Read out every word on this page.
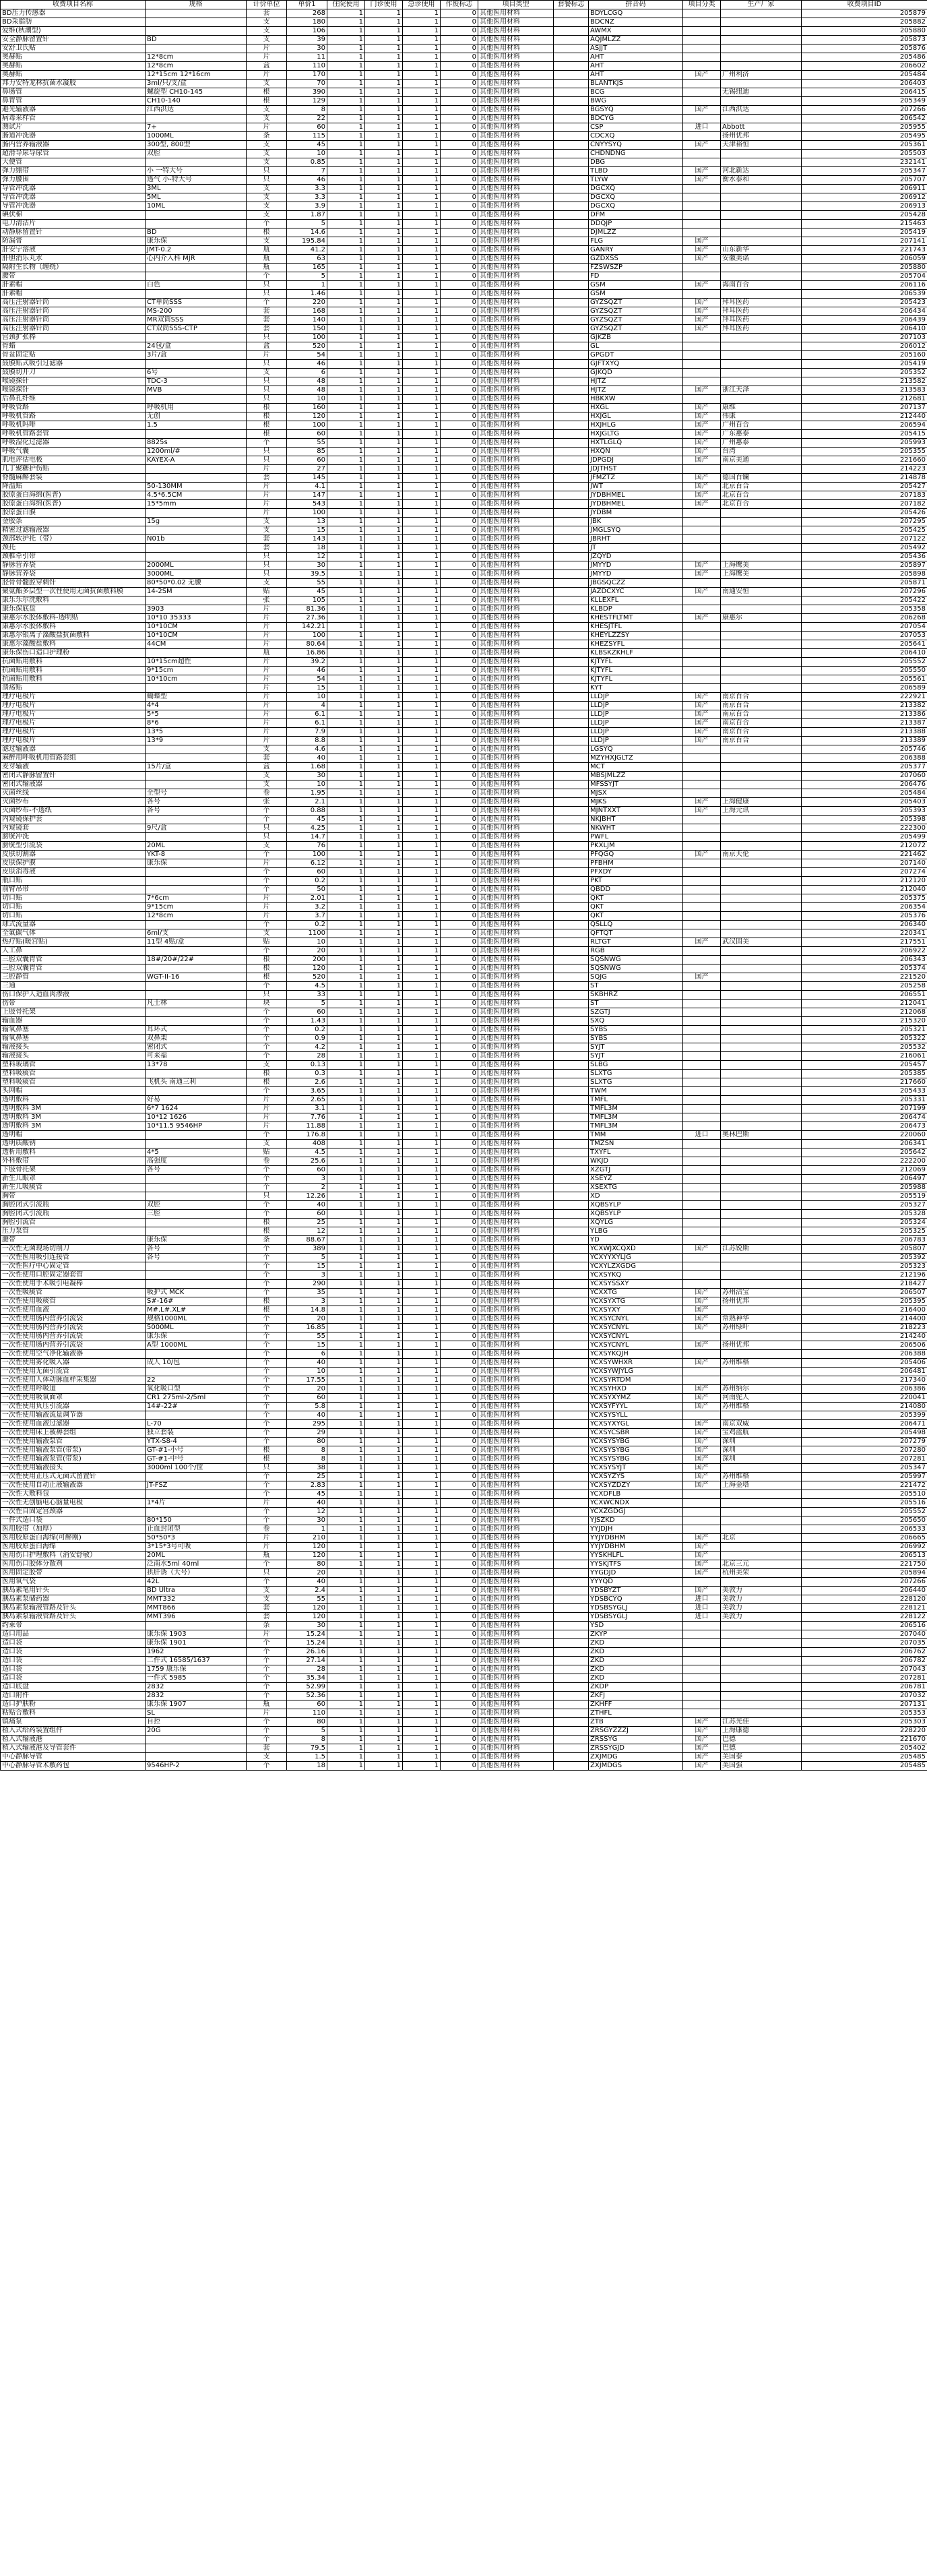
收费项目名称	规格	计价单位	单价1	住院使用	门诊使用	急诊使用	作废标志	项目类型	套餐标志	拼音码	项目分类	生产厂家	收费项目ID
BD压力传感器		套	268	1	1	1	0	其他医用材料		BDYLCGQ			205879
BD采脂肪		支	180	1	1	1	0	其他医用材料		BDCNZ			205882
爱维(秋潮型)		支	106	1	1	1	0	其他医用材料		AWMX			205880
安全静脉留置针	BD	支	39	1	1	1	0	其他医用材料		AQJMLZZ			205873
安舒卫氏贴		片	30	1	1	1	0	其他医用材料		ASJJT			205876
奥赫贴	12*8cm	片	11	1	1	1	0	其他医用材料		AHT			205486
奥赫贴	12*8cm	盒	110	1	1	1	0	其他医用材料		AHT			206602
奥赫贴	12*15cm 12*16cm	片	170	1	1	1	0	其他医用材料		AHT	国产	广州利济	205484
邦力安特龙林抗菌水凝胶	3ml/只/支/盒	支	70	1	1	1	0	其他医用材料		BLANTKJS			206403
鼻肠管	螺旋型 CH10-145	根	390	1	1	1	0	其他医用材料		BCG		无锡纽迪	206415
鼻胃管	CH10-140	根	129	1	1	1	0	其他医用材料		BWG			205349
避光输液器	江西洪达	支	8	1	1	1	0	其他医用材料		BGSYQ	国产	江西洪达	207266
病毒采样管		支	22	1	1	1	0	其他医用材料		BDCYG			206542
测试片	7+	片	60	1	1	1	0	其他医用材料		CSP	进口	Abbott	205955
肠道冲洗器	1000ML	条	115	1	1	1	0	其他医用材料		CDCXQ		扬州优邦	205495
肠内营养输液器	300型, 800型	支	45	1	1	1	0	其他医用材料		CNYYSYQ	国产	天津裕恒	205361
超滑导尿导尿管	双腔	支	10	1	1	1	0	其他医用材料		CHDNDNG			205503
大便管		支	0.85	1	1	1	0	其他医用材料		DBG			232141
弹力绷带	小 一特大号	只	7	1	1	1	0	其他医用材料		TLBD	国产	河北新达	205347
弹力腰围	透气 小-特大号	只	46	1	1	1	0	其他医用材料		TLYW	国产	衡水泰和	205707
导管冲洗器	3ML	支	3.3	1	1	1	0	其他医用材料		DGCXQ			206911
导管冲洗器	5ML	支	3.3	1	1	1	0	其他医用材料		DGCXQ			206912
导管冲洗器	10ML	支	3.9	1	1	1	0	其他医用材料		DGCXQ			206913
碘伏棉		支	1.87	1	1	1	0	其他医用材料		DFM			205428
电刀清洁片		个	5	1	1	1	0	其他医用材料		DDQJP			215463
动静脉留置针	BD	根	14.6	1	1	1	0	其他医用材料		DJMLZZ			205419
防漏膏	康乐保	支	195.84	1	1	1	0	其他医用材料		FLG	国产		207141
肝安宁溶液	JMT-0.2	瓶	41.2	1	1	1	0	其他医用材料		GANRY	国产	山东新华	221743
肝胆消乐丸水	心内介入科 MJR	瓶	63	1	1	1	0	其他医用材料		GZDXSS	国产	安徽美诺	206059
隔附生长物（缠绕）		瓶	165	1	1	1	0	其他医用材料		FZSWSZP			205880
腰带		个	5	1	1	1	0	其他医用材料		FD			205704
肝素帽	白色	只	1	1	1	1	0	其他医用材料		GSM	国产	海南百合	206116
肝素帽		只	1.46	1	1	1	0	其他医用材料		GSM			206539
高压注射器针筒	CT单筒SSS	个	220	1	1	1	0	其他医用材料		GYZSQZT	国产	拜耳医药	205423
高压注射器针筒	MS-200	套	168	1	1	1	0	其他医用材料		GYZSQZT	国产	拜耳医药	206434
高压注射器针筒	MR双筒SSS	套	140	1	1	1	0	其他医用材料		GYZSQZT	国产	拜耳医药	206439
高压注射器针筒	CT双筒SSS-CTP	套	150	1	1	1	0	其他医用材料		GYZSQZT	国产	拜耳医药	206410
宫颈扩张棒		只	100	1	1	1	0	其他医用材料		GJKZB			207103
骨蜡	24包/盒	盒	520	1	1	1	0	其他医用材料		GL			206012
骨盆固定贴	3片/盒	片	54	1	1	1	0	其他医用材料		GPGDT			205160
鼓膜贴式吸引过滤器		只	46	1	1	1	0	其他医用材料		GJFTXYQ			205419
鼓膜切开刀	6号	支	6	1	1	1	0	其他医用材料		GJKQD			205352
喉镜探针	TDC-3	只	48	1	1	1	0	其他医用材料		HJTZ			213582
喉镜探针	MVB	只	48	1	1	1	0	其他医用材料		HJTZ	国产	浙江天泽	213583
后鼻孔纤维		只	10	1	1	1	0	其他医用材料		HBKXW			212681
呼吸管路	呼吸机用	根	160	1	1	1	0	其他医用材料		HXGL	国产	康维	207137
呼吸机管路	无创	根	120	1	1	1	0	其他医用材料		HXJGL	国产	伟康	212440
呼吸机吗啡	1.5	根	100	1	1	1	0	其他医用材料		HXJHLG	国产	广州百合	206594
呼吸机管路套管		根	60	1	1	1	0	其他医用材料		HXJGLTG	国产	广东惠泰	205415
呼吸湿化过滤器	8825s	个	55	1	1	1	0	其他医用材料		HXTLGLQ	国产	广州惠泰	205993
呼吸气囊	1200ml/#	只	85	1	1	1	0	其他医用材料		HXQN	国产	台湾	205355
肌电评估电极	KAYEX-A	只	60	1	1	1	0	其他医用材料		JDPGDJ	国产	南京美通	221660
几丁聚糖护伤贴		片	27	1	1	1	0	其他医用材料		JDJTHST			214223
脊髓麻醉套装		套	145	1	1	1	0	其他医用材料		JFMZTZ	国产	德国百镧	214878
降温贴	50-130MM	片	4.1	1	1	1	0	其他医用材料		JWT	国产	北京百合	205427
胶原蛋白海绵(医普)	4.5*6.5CM	片	147	1	1	1	0	其他医用材料		JYDBHMEL	国产	北京百合	207183
胶原蛋白海绵(医普)	15*5mm	片	543	1	1	1	0	其他医用材料		JYDBHMEL	国产	北京百合	207182
胶原蛋白膜		片	100	1	1	1	0	其他医用材料		JYDBM			205426
金胶条	15g	支	13	1	1	1	0	其他医用材料		JBK			207295
精密过滤输液器		支	15	1	1	1	0	其他医用材料		JMGLSYQ			205425
颈部软护托（带）	N01b	套	143	1	1	1	0	其他医用材料		JBRHT			207122
颈托		套	18	1	1	1	0	其他医用材料		JT			205492
颈椎牵引带		只	12	1	1	1	0	其他医用材料		JZQYD			205436
静脉营养袋	2000ML	只	30	1	1	1	0	其他医用材料		JMYYD	国产	上海鹰美	205897
静脉营养袋	3000ML	只	39.5	1	1	1	0	其他医用材料		JMYYD	国产	上海鹰美	205898
胫骨骨髓腔穿刺针	80*50*0.02 无腰	支	55	1	1	1	0	其他医用材料		JBGSQCZZ			205871
聚氨酯多层型一次性使用无菌抗菌敷料膜	14-2SM	贴	45	1	1	1	0	其他医用材料		JAZDCXYC	国产	南通安恒	207296
康乐乐尔洗敷料		张	105	1	1	1	0	其他医用材料		KLLEXFL			205422
康乐保底盘	3903	片	81.36	1	1	1	0	其他医用材料		KLBDP			205358
康惠尔水胶体敷料-透明贴	10*10 35333	片	27.36	1	1	1	0	其他医用材料		KHESTFLTMT	国产	康惠尔	206268
康惠尔水胶体敷料	10*10CM	片	142.21	1	1	1	0	其他医用材料		KHESJTFL			207054
康惠尔银离子藻酸盐抗菌敷料	10*10CM	片	100	1	1	1	0	其他医用材料		KHEYLZZSY			207053
康惠尔藻酸盐敷料	44CM	片	80.64	1	1	1	0	其他医用材料		KHEZSYFL			205641
康乐保伤口造口护理粉		瓶	16.86	1	1	1	0	其他医用材料		KLBSKZKHLF			206410
抗菌贴用敷料	10*15cm超性	片	39.2	1	1	1	0	其他医用材料		KJTYFL			205552
抗菌贴用敷料	9*15cm	片	46	1	1	1	0	其他医用材料		KJTYFL			205550
抗菌贴用敷料	10*10cm	片	54	1	1	1	0	其他医用材料		KJTYFL			205561
溃疡贴		片	15	1	1	1	0	其他医用材料		KYT			206589
理疗电极片	蝴蝶型	片	10	1	1	1	0	其他医用材料		LLDJP	国产	南京百合	222921
理疗电极片	4*4	片	4	1	1	1	0	其他医用材料		LLDJP	国产	南京百合	213382
理疗电极片	5*5	片	6.1	1	1	1	0	其他医用材料		LLDJP	国产	南京百合	213386
理疗电极片	8*6	片	6.1	1	1	1	0	其他医用材料		LLDJP	国产	南京百合	213387
理疗电极片	13*5	片	7.9	1	1	1	0	其他医用材料		LLDJP	国产	南京百合	213388
理疗电极片	13*9	片	8.8	1	1	1	0	其他医用材料		LLDJP	国产	南京百合	213389
滤过输液器		支	4.6	1	1	1	0	其他医用材料		LGSYQ			205746
麻醉用呼吸机用管路套组		套	40	1	1	1	0	其他医用材料		MZYHXJGLTZ			206388
麦芽输液	15片/盒	盒	1.68	1	1	1	0	其他医用材料		MCT			205377
密闭式静脉留置针		支	30	1	1	1	0	其他医用材料		MBSJMLZZ			207060
密闭式输液器		支	10	1	1	1	0	其他医用材料		MFSSYJT			206476
灭菌丝线	全型号	卷	1.95	1	1	1	0	其他医用材料		MJSX			205484
灭菌纱布	各号	张	2.1	1	1	1	0	其他医用材料		MJKS	国产	上海健康	205403
灭菌纱布-不透纸	各号	个	0.88	1	1	1	0	其他医用材料		MJNTXXT	国产	上海元讯	205393
内窥镜保护套		个	45	1	1	1	0	其他医用材料		NKJBHT			205398
内窥镜套	9尺/盒	只	4.25	1	1	1	0	其他医用材料		NKWHT			222300
膀胱冲洗		只	14.7	1	1	1	0	其他医用材料		PWFL			205499
膀胱型引流袋	20ML	支	76	1	1	1	0	其他医用材料		PKXLJM			212072
皮肤切割器	YKT-8	个	100	1	1	1	0	其他医用材料		PFQGQ	国产	南京天伦	221462
皮肤保护膜	康乐保	片	6.12	1	1	1	0	其他医用材料		PFBHM			207140
皮肤消毒液		个	60	1	1	1	0	其他医用材料		PFXDY			207274
瓶口贴		个	0.2	1	1	1	0	其他医用材料		PKT			212120
前臂吊带		个	50	1	1	1	0	其他医用材料		QBDD			212040
切口贴	7*6cm	片	2.01	1	1	1	0	其他医用材料		QKT			205375
切口贴	9*15cm	片	3.2	1	1	1	0	其他医用材料		QKT			206354
切口贴	12*8cm	片	3.7	1	1	1	0	其他医用材料		QKT			205376
球式流量器		个	0.2	1	1	1	0	其他医用材料		QSLLQ			206340
全氟碳气体	6ml/支	支	1100	1	1	1	0	其他医用材料		QFTQT			220341
热疗贴(暖宫贴)	11型 4贴/盒	贴	10	1	1	1	0	其他医用材料		RLTGT	国产	武汉固美	217551
人工鼻		个	20	1	1	1	0	其他医用材料		RGB			206922
三腔双囊胃管	18#/20#/22#	根	200	1	1	1	0	其他医用材料		SQSNWG			206343
三腔双囊胃管		根	120	1	1	1	0	其他医用材料		SQSNWG			205374
三腔静管	WGT-II-16	根	520	1	1	1	0	其他医用材料		SQJG	国产		221520
三通		个	4.5	1	1	1	0	其他医用材料		ST			205258
伤口保护人造血肉渗液		只	33	1	1	1	0	其他医用材料		SKBHRZ			206551
伤带	凡士林	块	5	1	1	1	0	其他医用材料		ST			212041
上肢骨托架		个	60	1	1	1	0	其他医用材料		SZGTJ			212068
输血器		个	1.43	1	1	1	0	其他医用材料		SXQ			215320
输氧鼻塞	耳环式	个	0.2	1	1	1	0	其他医用材料		SYBS			205321
输氧鼻塞	双鼻架	个	0.9	1	1	1	0	其他医用材料		SYBS			205322
输液接头	密闭式	个	4.2	1	1	1	0	其他医用材料		SYJT			205532
输液接头	可来福	个	28	1	1	1	0	其他医用材料		SYJT			216061
塑料玻璃管	13*78	支	0.13	1	1	1	0	其他医用材料		SLBG			205457
塑料吸痰管		根	0.3	1	1	1	0	其他医用材料		SLXTG			205385
塑料吸痰管	飞机头 南通三利	根	2.6	1	1	1	0	其他医用材料		SLXTG			217660
头网帽		个	3.65	1	1	1	0	其他医用材料		TWM			205433
透明敷料	好易	片	2.65	1	1	1	0	其他医用材料		TMFL			205331
透明敷料 3M	6*7 1624	片	3.1	1	1	1	0	其他医用材料		TMFL3M			207199
透明敷料 3M	10*12 1626	片	7.76	1	1	1	0	其他医用材料		TMFL3M			206474
透明敷料 3M	10*11.5 9546HP	片	11.88	1	1	1	0	其他医用材料		TMFL3M			206473
透明帽		个	176.8	1	1	1	0	其他医用材料		TMM	进口	奥林巴斯	220060
透明质酸钠		支	408	1	1	1	0	其他医用材料		TMZSN			206341
透析用敷料	4*5	贴	4.5	1	1	1	0	其他医用材料		TXYFL			205642
外科敷带	高强度	卷	25.6	1	1	1	0	其他医用材料		WKJD			222200
下肢骨托架	各号	个	60	1	1	1	0	其他医用材料		XZGTJ			212069
新生儿眼罩		个	3	1	1	1	0	其他医用材料		XSEYZ			206497
新生儿吸痰管		个	2	1	1	1	0	其他医用材料		XSEXTG			205988
胸带		只	12.26	1	1	1	0	其他医用材料		XD			205519
胸腔闭式引流瓶	双腔	个	40	1	1	1	0	其他医用材料		XQBSYLP			205327
胸腔闭式引流瓶	三腔	个	60	1	1	1	0	其他医用材料		XQBSYLP			205328
胸腔引流管		根	25	1	1	1	0	其他医用材料		XQYLG			205324
压力泵管		根	12	1	1	1	0	其他医用材料		YLBG			205325
腰带	康乐保	条	88.67	1	1	1	0	其他医用材料		YD			206783
一次性无菌现场切削刀	各号	个	389	1	1	1	0	其他医用材料		YCXWJXCQXD	国产	江苏锐斯	205807
一次性医用吸引连接管	各号	个	5	1	1	1	0	其他医用材料		YCXYYXYLJG			205392
一次性医疗中心固定管		个	15	1	1	1	0	其他医用材料		YCXYLZXGDG			205323
一次性使用口腔固定器套管		个	3	1	1	1	0	其他医用材料		YCXSYKQ			212196
一次性使用手术吸引电凝棒		个	290	1	1	1	0	其他医用材料		YCXSYSSXY			218427
一次性吸痰管	吸护式 MCK	个	35	1	1	1	0	其他医用材料		YCXXTG	国产	苏州洁宝	206507
一次性使用吸痰管	S#-16#	根	3	1	1	1	0	其他医用材料		YCXSYXTG	国产	扬州优邦	205395
一次性使用血液	M#.L#.XL#	根	14.8	1	1	1	0	其他医用材料		YCXSYXY	国产		216400
一次性使用肠内营养引流袋	规格1000ML	个	20	1	1	1	0	其他医用材料		YCXSYCNYL	国产	常熟神华	214400
一次性使用肠内营养引流袋	5000ML	个	16.85	1	1	1	0	其他医用材料		YCXSYCNYL	国产	苏州绿叶	218223
一次性使用肠内营养引流袋	康乐保	个	55	1	1	1	0	其他医用材料		YCXSYCNYL			214240
一次性使用肠内营养引流袋	A型 1000ML	个	15	1	1	1	0	其他医用材料		YCXSYCNYL	国产	扬州优邦	206506
一次性使用空气净化输液器		个	6	1	1	1	0	其他医用材料		YCXSYKQJH			206388
一次性使用雾化吸入器	成人 10/包	个	40	1	1	1	0	其他医用材料		YCXSYWHXR	国产	苏州维格	205406
一次性使用无菌引流管		个	10	1	1	1	0	其他医用材料		YCXSYWJYLG			206481
一次性使用人体动脉血样采集器	22	个	17.55	1	1	1	0	其他医用材料		YCXSYRTDM			217340
一次性使用呼吸道	氧化吸口型	个	20	1	1	1	0	其他医用材料		YCXSYHXD	国产	苏州纳尔	206386
一次性使用吸氧面罩	CR1 275ml-2/5ml	个	60	1	1	1	0	其他医用材料		YCXSYXYMZ	国产	河南驼人	220041
一次性使用负压引流器	14#-22#	个	5.8	1	1	1	0	其他医用材料		YCXSYFYYL	国产	苏州维格	214080
一次性使用输液流量调节器		个	40	1	1	1	0	其他医用材料		YCXSYSYLL			205399
一次性使用血液过滤器	L-70	个	295	1	1	1	0	其他医用材料		YCXSYXYGL	国产	南京双威	206471
一次性使用床上被褥套组	独立套装	个	29	1	1	1	0	其他医用材料		YCXSYCSBR	国产	宝鸡蓝航	205498
一次性使用输液泵管	YTX-S8-4	个	80	1	1	1	0	其他医用材料		YCXSYSYBG	国产	深圳	207279
一次性使用输液泵管(带泵)	GT-#1-小号	根	8	1	1	1	0	其他医用材料		YCXSYSYBG	国产	深圳	207280
一次性使用输液泵管(带泵)	GT-#1-中号	根	8	1	1	1	0	其他医用材料		YCXSYSYBG	国产	深圳	207281
一次性使用输液接头	3000ml 100个/筐	只	38	1	1	1	0	其他医用材料		YCXSYSYJT	国产		205347
一次性使用正压式无菌式留置针		个	25	1	1	1	0	其他医用材料		YCXSYZYS	国产	苏州维格	205997
一次性使用自动止液输液器	JT-FSZ	个	2.83	1	1	1	0	其他医用材料		YCXSYZDZY	国产	上海金塔	221472
一次性大敷料包		个	45	1	1	1	0	其他医用材料		YCXDFLB			205510
一次性无创脑电心脑量电极	1*4片	片	40	1	1	1	0	其他医用材料		YCXWCNDX			205516
一次性自固定宫颈器		个	12	1	1	1	0	其他医用材料		YCXZGDGJ			205552
一件式造口袋	80*150	个	30	1	1	1	0	其他医用材料		YJSZKD			205650
医用胶带（加厚）	止血封闭型	卷	1	1	1	1	0	其他医用材料		YYJDJH			206533
医用胶原蛋白海绵(可醉刚)	50*50*3	片	210	1	1	1	0	其他医用材料		YYJYDBHM	国产	北京	206665
医用胶原蛋白海绵	3*15*3号可吸	片	120	1	1	1	0	其他医用材料		YYJYDBHM	国产		206992
医用伤口护理敷料（消安舒敏）	20ML	瓶	120	1	1	1	0	其他医用材料		YYSKHLFL	国产		206513
医用伤口胶体分散剂	泛南水5ml 40ml	个	80	1	1	1	0	其他医用材料		YYSKJTFS	国产	北京三元	221750
医用固定胶带	拱肝诱（大号）	只	20	1	1	1	0	其他医用材料		YYGDJD	国产	杭州美荣	205894
医用氧气袋	42L	个	40	1	1	1	0	其他医用材料		YYYQD			207266
胰岛素笔用针头	BD Ultra	支	2.4	1	1	1	0	其他医用材料		YDSBYZT	国产	美敦力	206440
胰岛素泵储药器	MMT332	支	55	1	1	1	0	其他医用材料		YDSBCYQ	进口	美敦力	228120
胰岛素泵输液管路及针头	MMT866	套	120	1	1	1	0	其他医用材料		YDSBSYGLJ	进口	美敦力	228121
胰岛素泵输液管路及针头	MMT396	套	120	1	1	1	0	其他医用材料		YDSBSYGLJ	进口	美敦力	228122
约束带		条	30	1	1	1	0	其他医用材料		YSD			206516
造口用品	康乐保 1903	片	15.24	1	1	1	0	其他医用材料		ZKYP			207040
造口袋	康乐保 1901	个	15.24	1	1	1	0	其他医用材料		ZKD			207035
造口袋	1962	个	26.16	1	1	1	0	其他医用材料		ZKD			206762
造口袋	二件式 16585/1637	个	27.14	1	1	1	0	其他医用材料		ZKD			206782
造口袋	1759 康乐保	个	28	1	1	1	0	其他医用材料		ZKD			207043
造口袋	一件式 5985	个	35.34	1	1	1	0	其他医用材料		ZKD			207281
造口底盘	2832	个	52.99	1	1	1	0	其他医用材料		ZKDP			206781
造口附件	2832	个	52.36	1	1	1	0	其他医用材料		ZKFJ			207032
造口护肤粉	康乐保 1907	瓶	60	1	1	1	0	其他医用材料		ZKHFF			207131
粘贴合敷料	SL	片	110	1	1	1	0	其他医用材料		ZTHFL			205353
镇痛泵	自控	个	80	1	1	1	0	其他医用材料		ZTB	国产	江苏光佳	205303
植入式给药装置组件	20G	个	5	1	1	1	0	其他医用材料		ZRSGYZZZJ	国产	上海康德	228220
植入式输液港		个	8	1	1	1	0	其他医用材料		ZRSSYG	国产	巴德	221670
植入式输液港及导管套件		套	79.5	1	1	1	0	其他医用材料		ZRSSYGJD	国产	巴德	205402
中心静脉导管		支	1.5	1	1	1	0	其他医用材料		ZXJMDG	国产	美国泰	205485
中心静脉导管术敷药包	9546HP-2	个	18	1	1	1	0	其他医用材料		ZXJMDGS	国产	美国强	205485
